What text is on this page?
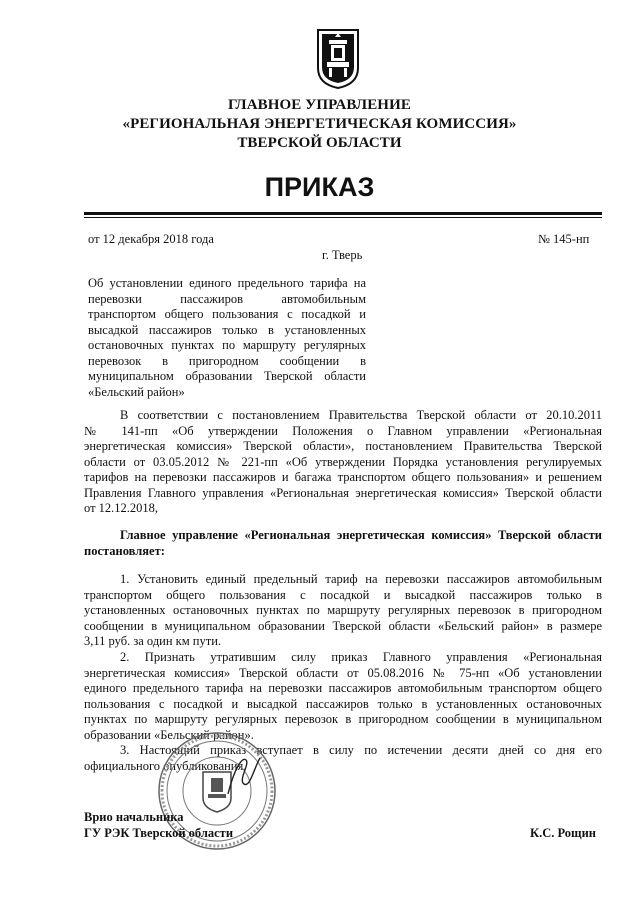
ГЛАВНОЕ УПРАВЛЕНИЕ
«РЕГИОНАЛЬНАЯ ЭНЕРГЕТИЧЕСКАЯ КОМИССИЯ»
ТВЕРСКОЙ ОБЛАСТИ
ПРИКАЗ
от 12 декабря 2018 года
г. Тверь
№ 145-нп
Об установлении единого предельного тарифа на
перевозки пассажиров автомобильным
транспортом общего пользования с посадкой и
высадкой пассажиров только в установленных
остановочных пунктах по маршруту регулярных
перевозок в пригородном сообщении в
муниципальном образовании Тверской области
«Бельский район»
В соответствии с постановлением Правительства Тверской области от 20.10.2011
№ 141-пп «Об утверждении Положения о Главном управлении «Региональная
энергетическая комиссия» Тверской области», постановлением Правительства Тверской
области от 03.05.2012 № 221-пп «Об утверждении Порядка установления регулируемых
тарифов на перевозки пассажиров и багажа транспортом общего пользования» и решением
Правления Главного управления «Региональная энергетическая комиссия» Тверской области
от 12.12.2018,
Главное управление «Региональная энергетическая комиссия» Тверской области
постановляет:
1. Установить единый предельный тариф на перевозки пассажиров автомобильным
транспортом общего пользования с посадкой и высадкой пассажиров только в
установленных остановочных пунктах по маршруту регулярных перевозок в пригородном
сообщении в муниципальном образовании Тверской области «Бельский район» в размере
3,11 руб. за один км пути.
2. Признать утратившим силу приказ Главного управления «Региональная
энергетическая комиссия» Тверской области от 05.08.2016 № 75-нп «Об установлении
единого предельного тарифа на перевозки пассажиров автомобильным транспортом общего
пользования с посадкой и высадкой пассажиров только в установленных остановочных
пунктах по маршруту регулярных перевозок в пригородном сообщении в муниципальном
образовании «Бельский район».
3. Настоящий приказ вступает в силу по истечении десяти дней со дня его
официального опубликования.
Врио начальника
ГУ РЭК Тверской области	К.С. Рощин
